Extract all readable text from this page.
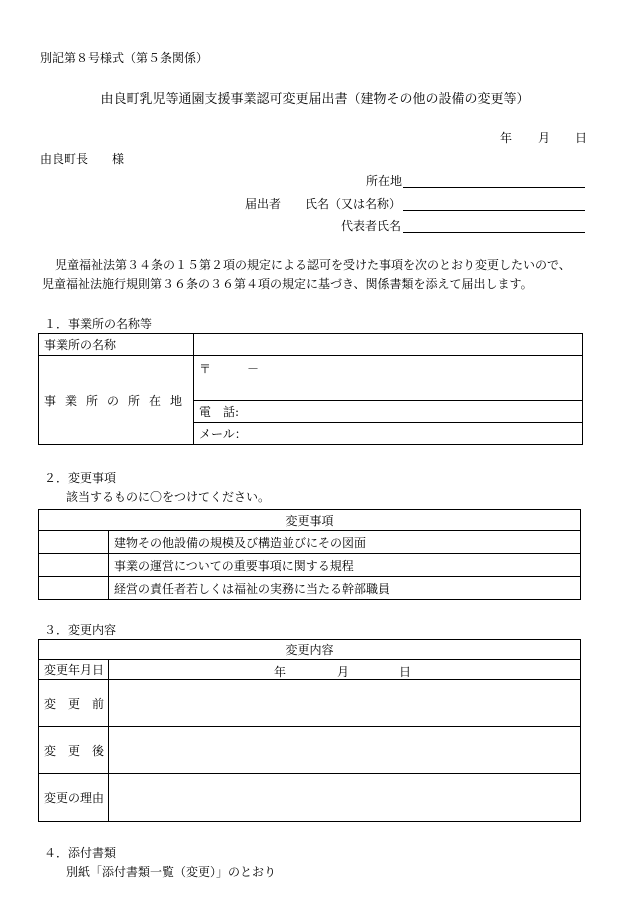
別記第８号様式（第５条関係）
由良町乳児等通園支援事業認可変更届出書（建物その他の設備の変更等）
年 月 日
由良町長　　様
所在地
届出者 氏名（又は名称）
代表者氏名
児童福祉法第３４条の１５第２項の規定による認可を受けた事項を次のとおり変更したいので、
児童福祉法施行規則第３６条の３６第４項の規定に基づき、関係書類を添えて届出します。
１．事業所の名称等
事業所の名称	
事業所の所在地	〒　　　－
	電　話:
	メール：
２．変更事項
該当するものに〇をつけてください。
変更事項	
	建物その他設備の規模及び構造並びにその図面
	事業の運営についての重要事項に関する規程
	経営の責任者若しくは福祉の実務に当たる幹部職員
３．変更内容
変更内容	
変更年月日	年 月 日

変　更　前	
変　更　後	
変更の理由	
４．添付書類
別紙「添付書類一覧（変更）」のとおり
